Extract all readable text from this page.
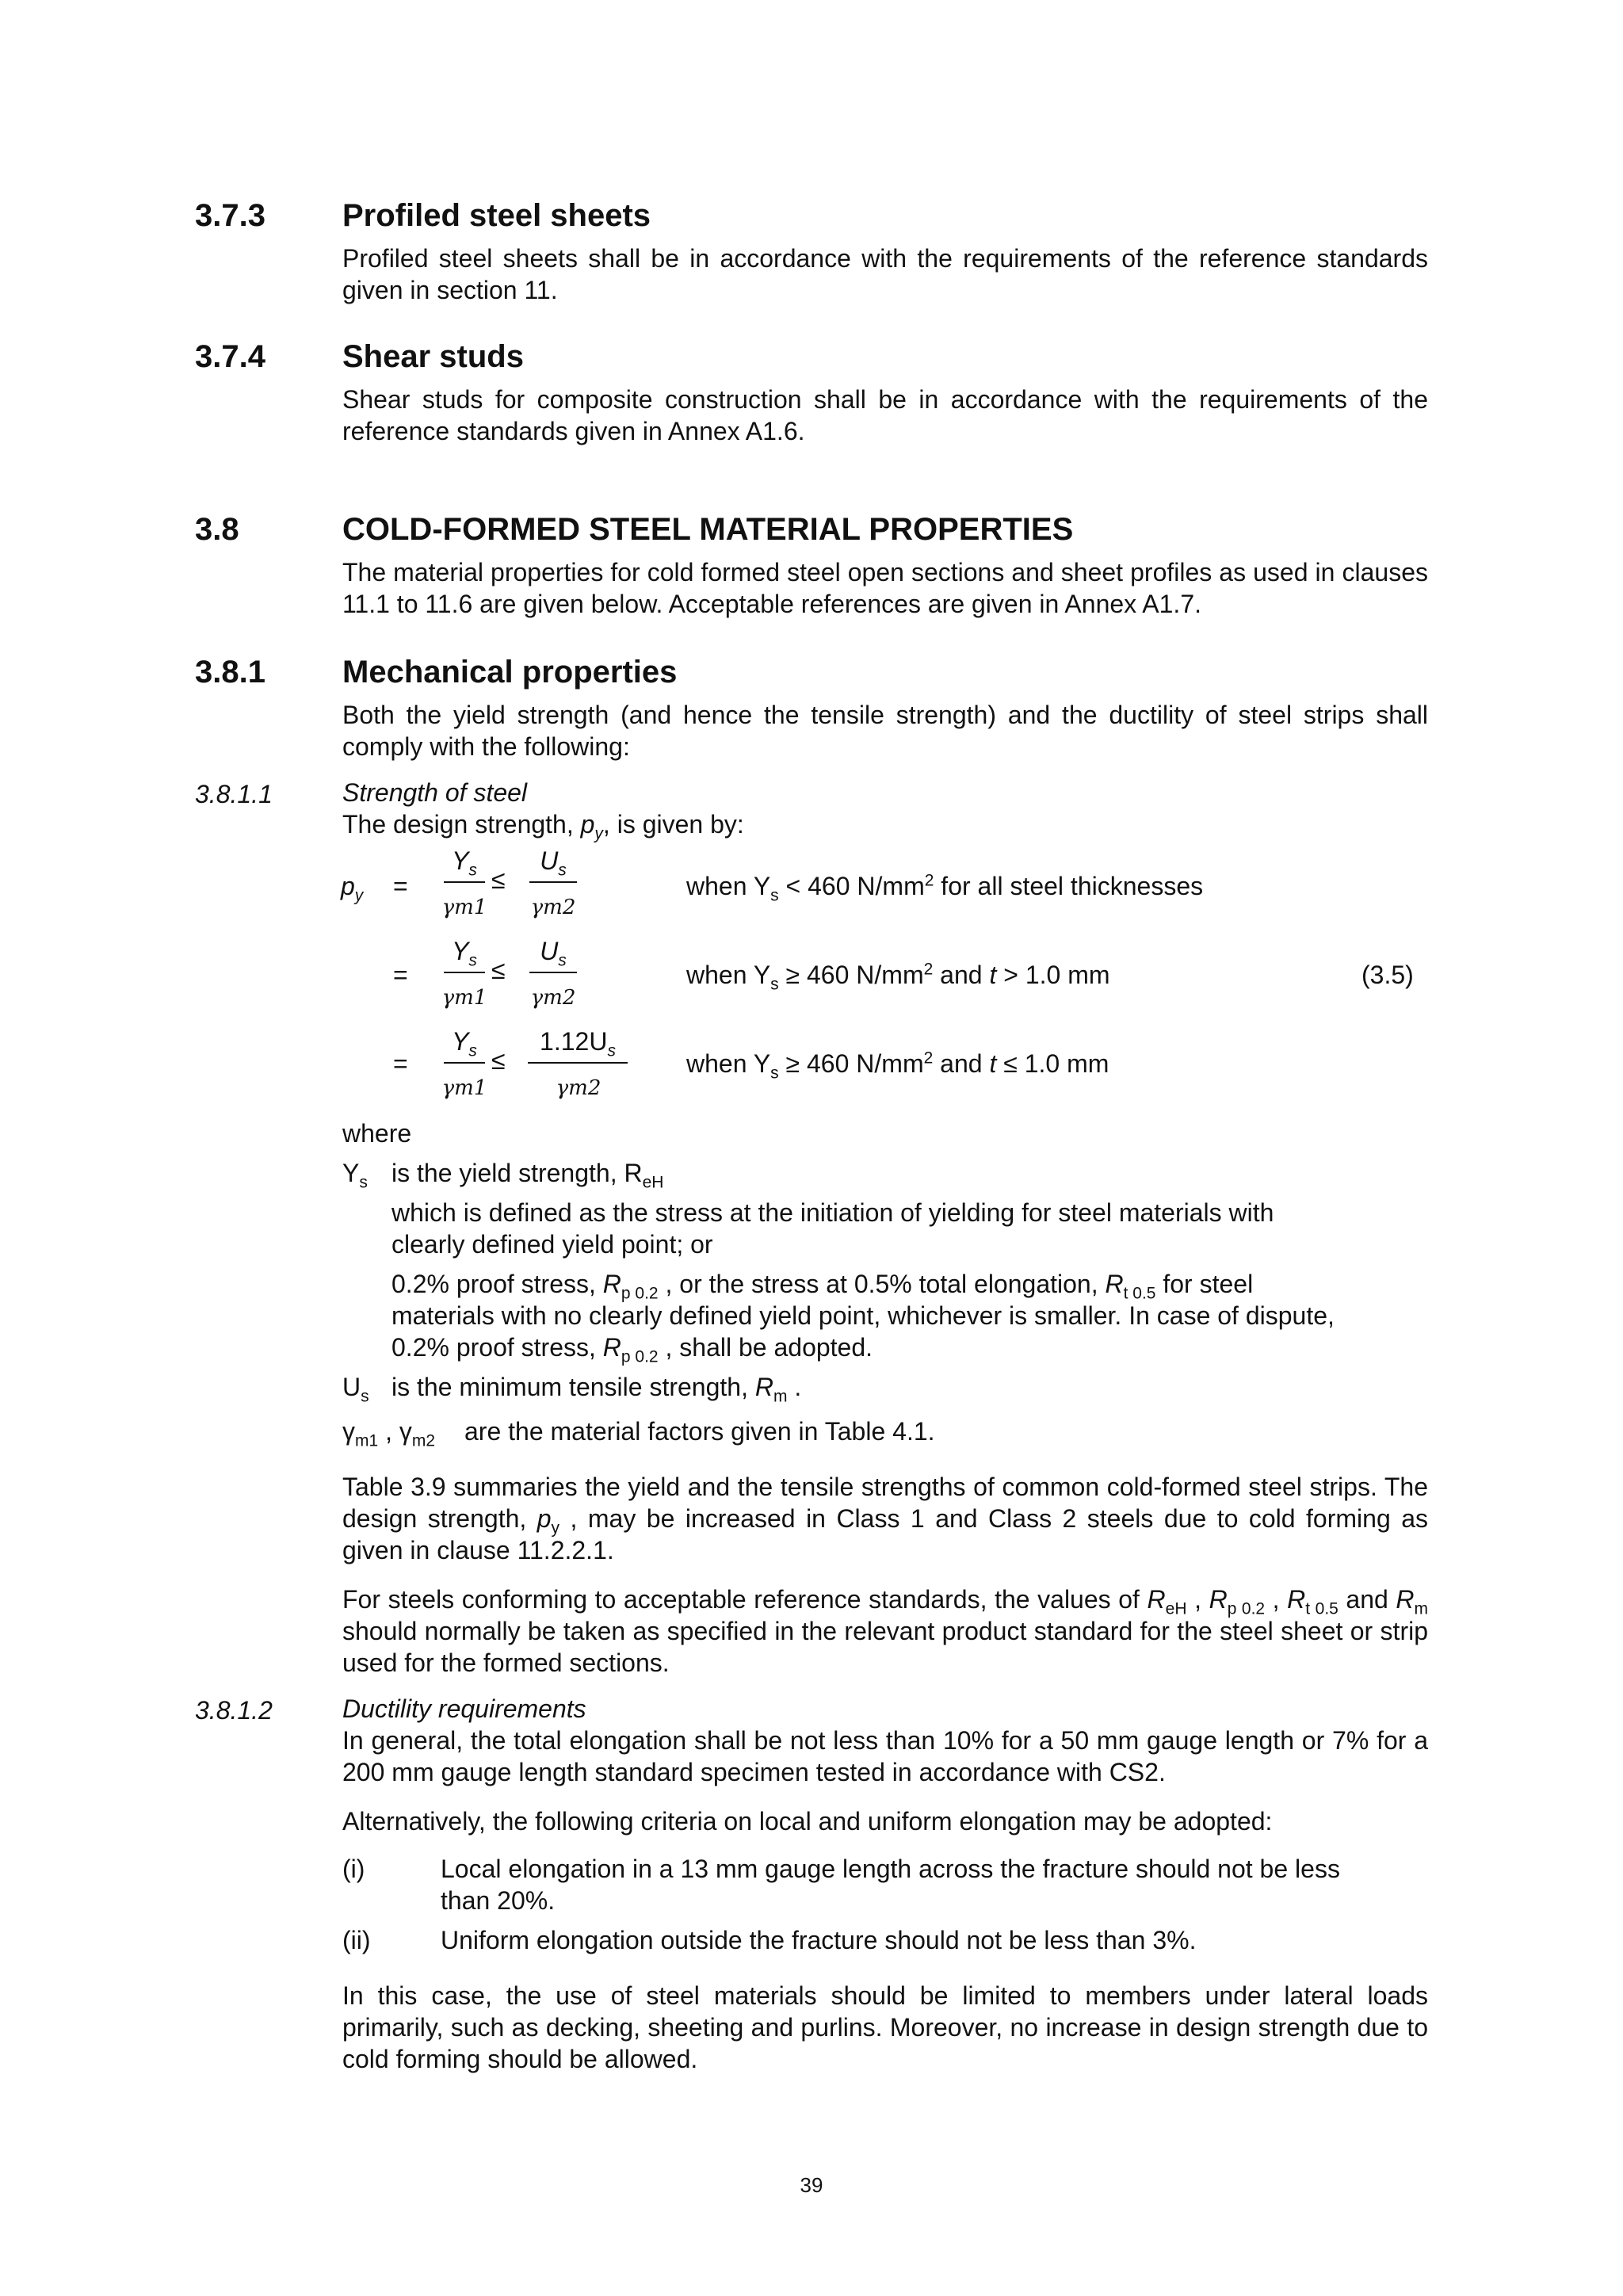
3.7.3 Profiled steel sheets

Profiled steel sheets shall be in accordance with the requirements of the reference standards given in section 11.

3.7.4 Shear studs

Shear studs for composite construction shall be in accordance with the requirements of the reference standards given in Annex A1.6.

3.8	COLD-FORMED STEEL MATERIAL PROPERTIES

The material properties for cold formed steel open sections and sheet profiles as used in clauses 11.1 to 11.6 are given below. Acceptable references are given in Annex A1.7.

3.8.1 Mechanical properties

Both the yield strength (and hence the tensile strength) and the ductility of steel strips shall comply with the following:

3.8.1.1	Strength of steel
The design strength, $p_y$, is given by:
$p_y$ =
$Y_s$
γm1
≤
$U_s$
γm2
when $Y_s < 460$ $N/mm^2$ for all steel thicknesses
=
$Y_s$
γm1
≤
$U_s$
γm2
when $Y_s \ge 460$ $N/mm^2$ and t > 1.0 mm	(3.5)
=
$Y_s$
γm1
≤
$1.12U_s$
γm2
when $Y_s \ge 460$ $N/mm^2$ and t ≤ 1.0 mm
where
$Y_s$ is the yield strength, $R_{eH}$
which is defined as the stress at the initiation of yielding for steel materials with
clearly defined yield point; or
0.2% proof stress, $R_{p 0.2}$ , or the stress at 0.5% total elongation, $R_{t 0.5}$ for steel
materials with no clearly defined yield point, whichever is smaller. In case of dispute,
0.2% proof stress, $R_{p 0.2}$ , shall be adopted.
$U_s$ is the minimum tensile strength, $R_m$ .
$\gamma_{m1}$ , $\gamma_{m2}$ are the material factors given in Table 4.1.

Table 3.9 summaries the yield and the tensile strengths of common cold-formed steel strips. The design strength, $p_y$ , may be increased in Class 1 and Class 2 steels due to cold forming as given in clause 11.2.2.1.

For steels conforming to acceptable reference standards, the values of $R_{eH}$ , $R_{p 0.2}$ , $R_{t 0.5}$ and $R_m$ should normally be taken as specified in the relevant product standard for the steel sheet or strip used for the formed sections.

3.8.1.2	Ductility requirements

In general, the total elongation shall be not less than 10% for a 50 mm gauge length or 7% for a 200 mm gauge length standard specimen tested in accordance with CS2.

Alternatively, the following criteria on local and uniform elongation may be adopted:
(i)	Local elongation in a 13 mm gauge length across the fracture should not be less
than 20%.
(ii)	Uniform elongation outside the fracture should not be less than 3%.

In this case, the use of steel materials should be limited to members under lateral loads primarily, such as decking, sheeting and purlins. Moreover, no increase in design strength due to cold forming should be allowed.

39
